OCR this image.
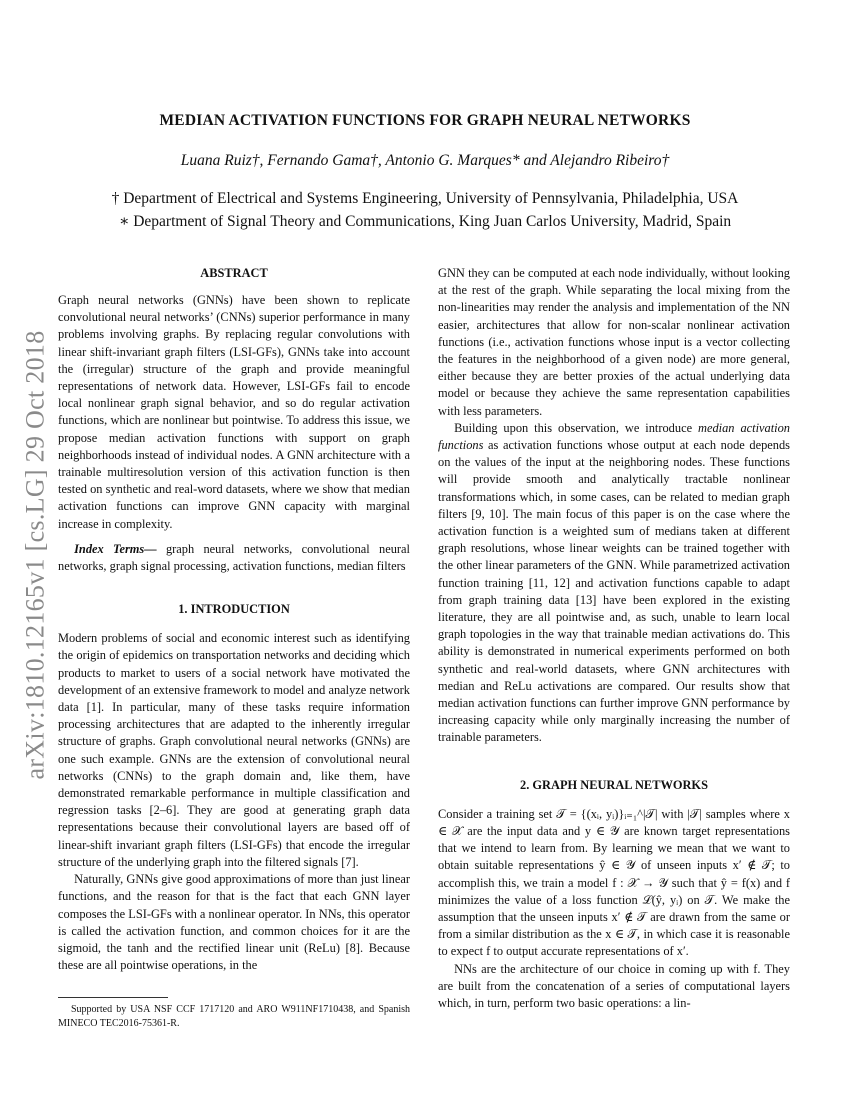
arXiv:1810.12165v1 [cs.LG] 29 Oct 2018
MEDIAN ACTIVATION FUNCTIONS FOR GRAPH NEURAL NETWORKS
Luana Ruiz†, Fernando Gama†, Antonio G. Marques* and Alejandro Ribeiro†
† Department of Electrical and Systems Engineering, University of Pennsylvania, Philadelphia, USA
∗ Department of Signal Theory and Communications, King Juan Carlos University, Madrid, Spain
ABSTRACT

Graph neural networks (GNNs) have been shown to replicate convolutional neural networks’ (CNNs) superior performance in many problems involving graphs. By replacing regular convolutions with linear shift-invariant graph filters (LSI-GFs), GNNs take into account the (irregular) structure of the graph and provide meaningful representations of network data. However, LSI-GFs fail to encode local nonlinear graph signal behavior, and so do regular activation functions, which are nonlinear but pointwise. To address this issue, we propose median activation functions with support on graph neighborhoods instead of individual nodes. A GNN architecture with a trainable multiresolution version of this activation function is then tested on synthetic and real-word datasets, where we show that median activation functions can improve GNN capacity with marginal increase in complexity.

Index Terms— graph neural networks, convolutional neural networks, graph signal processing, activation functions, median filters

1. INTRODUCTION

Modern problems of social and economic interest such as identifying the origin of epidemics on transportation networks and deciding which products to market to users of a social network have motivated the development of an extensive framework to model and analyze network data [1]. In particular, many of these tasks require information processing architectures that are adapted to the inherently irregular structure of graphs. Graph convolutional neural networks (GNNs) are one such example. GNNs are the extension of convolutional neural networks (CNNs) to the graph domain and, like them, have demonstrated remarkable performance in multiple classification and regression tasks [2–6]. They are good at generating graph data representations because their convolutional layers are based off of linear-shift invariant graph filters (LSI-GFs) that encode the irregular structure of the underlying graph into the filtered signals [7].

Naturally, GNNs give good approximations of more than just linear functions, and the reason for that is the fact that each GNN layer composes the LSI-GFs with a nonlinear operator. In NNs, this operator is called the activation function, and common choices for it are the sigmoid, the tanh and the rectified linear unit (ReLu) [8]. Because these are all pointwise operations, in the

GNN they can be computed at each node individually, without looking at the rest of the graph. While separating the local mixing from the non-linearities may render the analysis and implementation of the NN easier, architectures that allow for non-scalar nonlinear activation functions (i.e., activation functions whose input is a vector collecting the features in the neighborhood of a given node) are more general, either because they are better proxies of the actual underlying data model or because they achieve the same representation capabilities with less parameters.

Building upon this observation, we introduce median activation functions as activation functions whose output at each node depends on the values of the input at the neighboring nodes. These functions will provide smooth and analytically tractable nonlinear transformations which, in some cases, can be related to median graph filters [9, 10]. The main focus of this paper is on the case where the activation function is a weighted sum of medians taken at different graph resolutions, whose linear weights can be trained together with the other linear parameters of the GNN. While parametrized activation function training [11, 12] and activation functions capable to adapt from graph training data [13] have been explored in the existing literature, they are all pointwise and, as such, unable to learn local graph topologies in the way that trainable median activations do. This ability is demonstrated in numerical experiments performed on both synthetic and real-world datasets, where GNN architectures with median and ReLu activations are compared. Our results show that median activation functions can further improve GNN performance by increasing capacity while only marginally increasing the number of trainable parameters.

2. GRAPH NEURAL NETWORKS

Consider a training set 𝒯 = {(xᵢ, yᵢ)}ᵢ₌₁^|𝒯| with |𝒯| samples where x ∈ 𝒳 are the input data and y ∈ 𝒴 are known target representations that we intend to learn from. By learning we mean that we want to obtain suitable representations ŷ ∈ 𝒴 of unseen inputs x′ ∉ 𝒯; to accomplish this, we train a model f : 𝒳 → 𝒴 such that ŷ = f(x) and f minimizes the value of a loss function ℒ(ŷ, yᵢ) on 𝒯. We make the assumption that the unseen inputs x′ ∉ 𝒯 are drawn from the same or from a similar distribution as the x ∈ 𝒯, in which case it is reasonable to expect f to output accurate representations of x′.

NNs are the architecture of our choice in coming up with f. They are built from the concatenation of a series of computational layers which, in turn, perform two basic operations: a lin-

Supported by USA NSF CCF 1717120 and ARO W911NF1710438, and Spanish MINECO TEC2016-75361-R.
